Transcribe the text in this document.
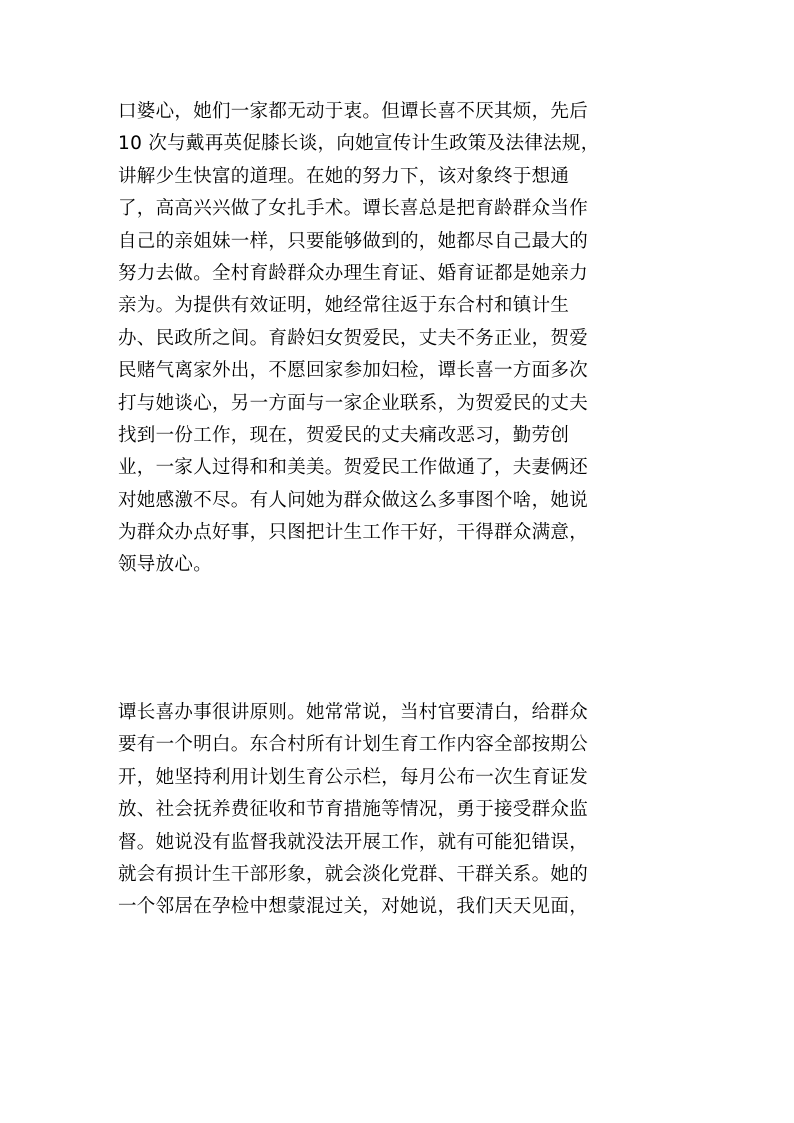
口婆心，她们一家都无动于衷。但谭长喜不厌其烦，先后
10 次与戴再英促膝长谈，向她宣传计生政策及法律法规，
讲解少生快富的道理。在她的努力下，该对象终于想通
了，高高兴兴做了女扎手术。谭长喜总是把育龄群众当作
自己的亲姐妹一样，只要能够做到的，她都尽自己最大的
努力去做。全村育龄群众办理生育证、婚育证都是她亲力
亲为。为提供有效证明，她经常往返于东合村和镇计生
办、民政所之间。育龄妇女贺爱民，丈夫不务正业，贺爱
民赌气离家外出，不愿回家参加妇检，谭长喜一方面多次
打与她谈心，另一方面与一家企业联系，为贺爱民的丈夫
找到一份工作，现在，贺爱民的丈夫痛改恶习，勤劳创
业，一家人过得和和美美。贺爱民工作做通了，夫妻俩还
对她感激不尽。有人问她为群众做这么多事图个啥，她说
为群众办点好事，只图把计生工作干好，干得群众满意，
领导放心。
谭长喜办事很讲原则。她常常说，当村官要清白，给群众
要有一个明白。东合村所有计划生育工作内容全部按期公
开，她坚持利用计划生育公示栏，每月公布一次生育证发
放、社会抚养费征收和节育措施等情况，勇于接受群众监
督。她说没有监督我就没法开展工作，就有可能犯错误，
就会有损计生干部形象，就会淡化党群、干群关系。她的
一个邻居在孕检中想蒙混过关，对她说，我们天天见面，
